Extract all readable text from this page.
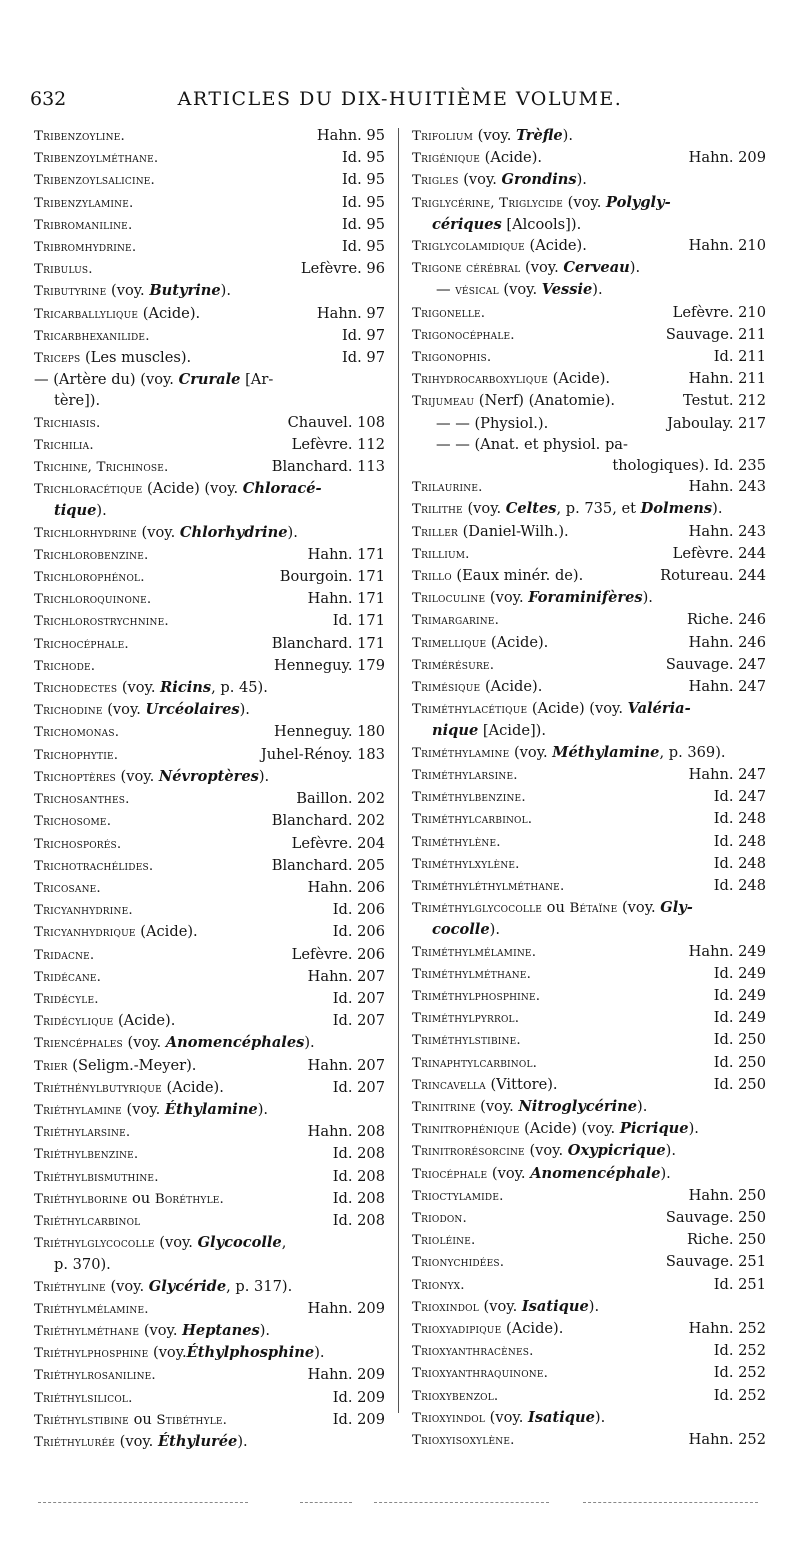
632	ARTICLES DU DIX-HUITIÈME VOLUME.
Tribenzoyline.	Hahn. 95
Tribenzoylméthane.	Id. 95
Tribenzoylsalicine.	Id. 95
Tribenzylamine.	Id. 95
Tribromaniline.	Id. 95
Tribromhydrine.	Id. 95
Tribulus.	Lefèvre. 96
Tributyrine (voy. Butyrine).
Tricarballylique (Acide).	Hahn. 97
Tricarbhexanilide.	Id. 97
Triceps (Les muscles).	Id. 97
— (Artère du) (voy. Crurale [Ar-
tère]).
Trichiasis.	Chauvel. 108
Trichilia.	Lefèvre. 112
Trichine, Trichinose.	Blanchard. 113
Trichloracétique (Acide) (voy. Chloracé-
tique).
Trichlorhydrine (voy. Chlorhydrine).
Trichlorobenzine.	Hahn. 171
Trichlorophénol.	Bourgoin. 171
Trichloroquinone.	Hahn. 171
Trichlorostrychnine.	Id. 171
Trichocéphale.	Blanchard. 171
Trichode.	Henneguy. 179
Trichodectes (voy. Ricins, p. 45).
Trichodine (voy. Urcéolaires).
Trichomonas.	Henneguy. 180
Trichophytie.	Juhel-Rénoy. 183
Trichoptères (voy. Névroptères).
Trichosanthes.	Baillon. 202
Trichosome.	Blanchard. 202
Trichosporés.	Lefèvre. 204
Trichotrachélides.	Blanchard. 205
Tricosane.	Hahn. 206
Tricyanhydrine.	Id. 206
Tricyanhydrique (Acide).	Id. 206
Tridacne.	Lefèvre. 206
Tridécane.	Hahn. 207
Tridécyle.	Id. 207
Tridécylique (Acide).	Id. 207
Triencéphales (voy. Anomencéphales).
Trier (Seligm.-Meyer).	Hahn. 207
Triéthénylbutyrique (Acide).	Id. 207
Triéthylamine (voy. Éthylamine).
Triéthylarsine.	Hahn. 208
Triéthylbenzine.	Id. 208
Triéthylbismuthine.	Id. 208
Triéthylborine ou Boréthyle.	Id. 208
Triéthylcarbinol	Id. 208
Triéthylglycocolle (voy. Glycocolle,
p. 370).
Triéthyline (voy. Glycéride, p. 317).
Triéthylmélamine.	Hahn. 209
Triéthylméthane (voy. Heptanes).
Triéthylphosphine (voy.Éthylphosphine).
Triéthylrosaniline.	Hahn. 209
Triéthylsilicol.	Id. 209
Triéthylstibine ou Stibéthyle.	Id. 209
Triéthylurée (voy. Éthylurée).
Trifolium (voy. Trèfle).
Trigénique (Acide).	Hahn. 209
Trigles (voy. Grondins).
Triglycérine, Triglycide (voy. Polygly-
cériques [Alcools]).
Triglycolamidique (Acide).	Hahn. 210
Trigone cérébral (voy. Cerveau).
— vésical (voy. Vessie).
Trigonelle.	Lefèvre. 210
Trigonocéphale.	Sauvage. 211
Trigonophis.	Id. 211
Trihydrocarboxylique (Acide).	Hahn. 211
Trijumeau (Nerf) (Anatomie).	Testut. 212
— — (Physiol.).	Jaboulay. 217
— — (Anat. et physiol. pa-
thologiques). Id. 235
Trilaurine.	Hahn. 243
Trilithe (voy. Celtes, p. 735, et Dolmens).
Triller (Daniel-Wilh.).	Hahn. 243
Trillium.	Lefèvre. 244
Trillo (Eaux minér. de).	Rotureau. 244
Triloculine (voy. Foraminifères).
Trimargarine.	Riche. 246
Trimellique (Acide).	Hahn. 246
Trimérésure.	Sauvage. 247
Trimésique (Acide).	Hahn. 247
Triméthylacétique (Acide) (voy. Valéria-
nique [Acide]).
Triméthylamine (voy. Méthylamine, p. 369).
Triméthylarsine.	Hahn. 247
Triméthylbenzine.	Id. 247
Triméthylcarbinol.	Id. 248
Triméthylène.	Id. 248
Triméthylxylène.	Id. 248
Triméthyléthylméthane.	Id. 248
Triméthylglycocolle ou Bétaïne (voy. Gly-
cocolle).
Triméthylmélamine.	Hahn. 249
Triméthylméthane.	Id. 249
Triméthylphosphine.	Id. 249
Triméthylpyrrol.	Id. 249
Triméthylstibine.	Id. 250
Trinaphtylcarbinol.	Id. 250
Trincavella (Vittore).	Id. 250
Trinitrine (voy. Nitroglycérine).
Trinitrophénique (Acide) (voy. Picrique).
Trinitrorésorcine (voy. Oxypicrique).
Triocéphale (voy. Anomencéphale).
Trioctylamide.	Hahn. 250
Triodon.	Sauvage. 250
Trioléine.	Riche. 250
Trionychidées.	Sauvage. 251
Trionyx.	Id. 251
Trioxindol (voy. Isatique).
Trioxyadipique (Acide).	Hahn. 252
Trioxyanthracènes.	Id. 252
Trioxyanthraquinone.	Id. 252
Trioxybenzol.	Id. 252
Trioxyindol (voy. Isatique).
Trioxyisoxylène.	Hahn. 252
